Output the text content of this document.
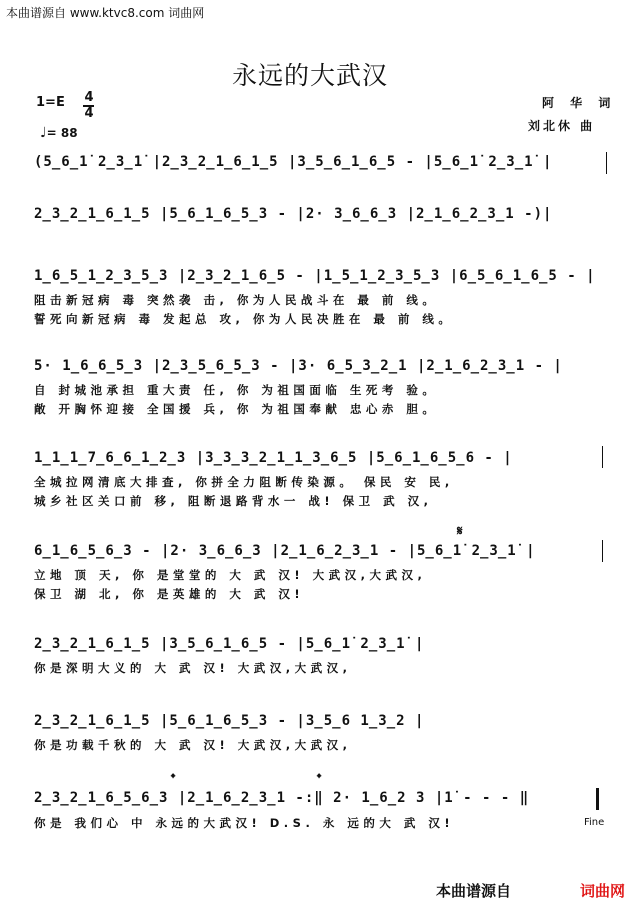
本曲谱源自 www.ktvc8.com 词曲网
永远的大武汉
1=E 4
4
♩= 88
阿 华 词
刘北休 曲
(5̲6̲1̇ 2̲3̲1̇ |2̲3̲2̲1̲6̲1̲5 |3̲5̲6̲1̲6̲5 - |5̲6̲1̇ 2̲3̲1̇ |
2̲3̲2̲1̲6̲1̲5 |5̲6̲1̲6̲5̲3 - |2· 3̲6̲6̲3 |2̲1̲6̲2̲3̲1 -)|
1̲6̲5̲1̲2̲3̲5̲3 |2̲3̲2̲1̲6̲5 - |1̲5̲1̲2̲3̲5̲3 |6̲5̲6̲1̲6̲5 - |
阻击新冠病 毒 突然袭 击, 你为人民战斗在 最 前 线。
誓死向新冠病 毒 发起总 攻, 你为人民决胜在 最 前 线。
5· 1̲6̲6̲5̲3 |2̲3̲5̲6̲5̲3 - |3· 6̲5̲3̲2̲1 |2̲1̲6̲2̲3̲1 - |
自 封城池承担 重大责 任, 你 为祖国面临 生死考 验。
敞 开胸怀迎接 全国援 兵, 你 为祖国奉献 忠心赤 胆。
1̲1̲1̲7̲6̲6̲1̲2̲3 |3̲3̲3̲2̲1̲1̲3̲6̲5 |5̲6̲1̲6̲5̲6 - |
全城拉网清底大排查, 你拼全力阻断传染源。 保民 安 民,
城乡社区关口前 移, 阻断退路背水一 战! 保卫 武 汉,
𝄋
6̲1̲6̲5̲6̲3 - |2· 3̲6̲6̲3 |2̲1̲6̲2̲3̲1 - |5̲6̲1̇ 2̲3̲1̇ |
立地 顶 天, 你 是堂堂的 大 武 汉! 大武汉,大武汉,
保卫 湖 北, 你 是英雄的 大 武 汉!
2̲3̲2̲1̲6̲1̲5 |3̲5̲6̲1̲6̲5 - |5̲6̲1̇ 2̲3̲1̇ |
你是深明大义的 大 武 汉! 大武汉,大武汉,
2̲3̲2̲1̲6̲1̲5 |5̲6̲1̲6̲5̲3 - |3̲5̲6 1̲3̲2 |
你是功载千秋的 大 武 汉! 大武汉,大武汉,
𝄌	𝄌
2̲3̲2̲1̲6̲5̲6̲3 |2̲1̲6̲2̲3̲1 -:‖ 2· 1̲6̲2 3 |1̇ - - - ‖
你是 我们心 中 永远的大武汉! D.S. 永 远的大 武 汉!	Fine
本曲谱源自	词曲网
